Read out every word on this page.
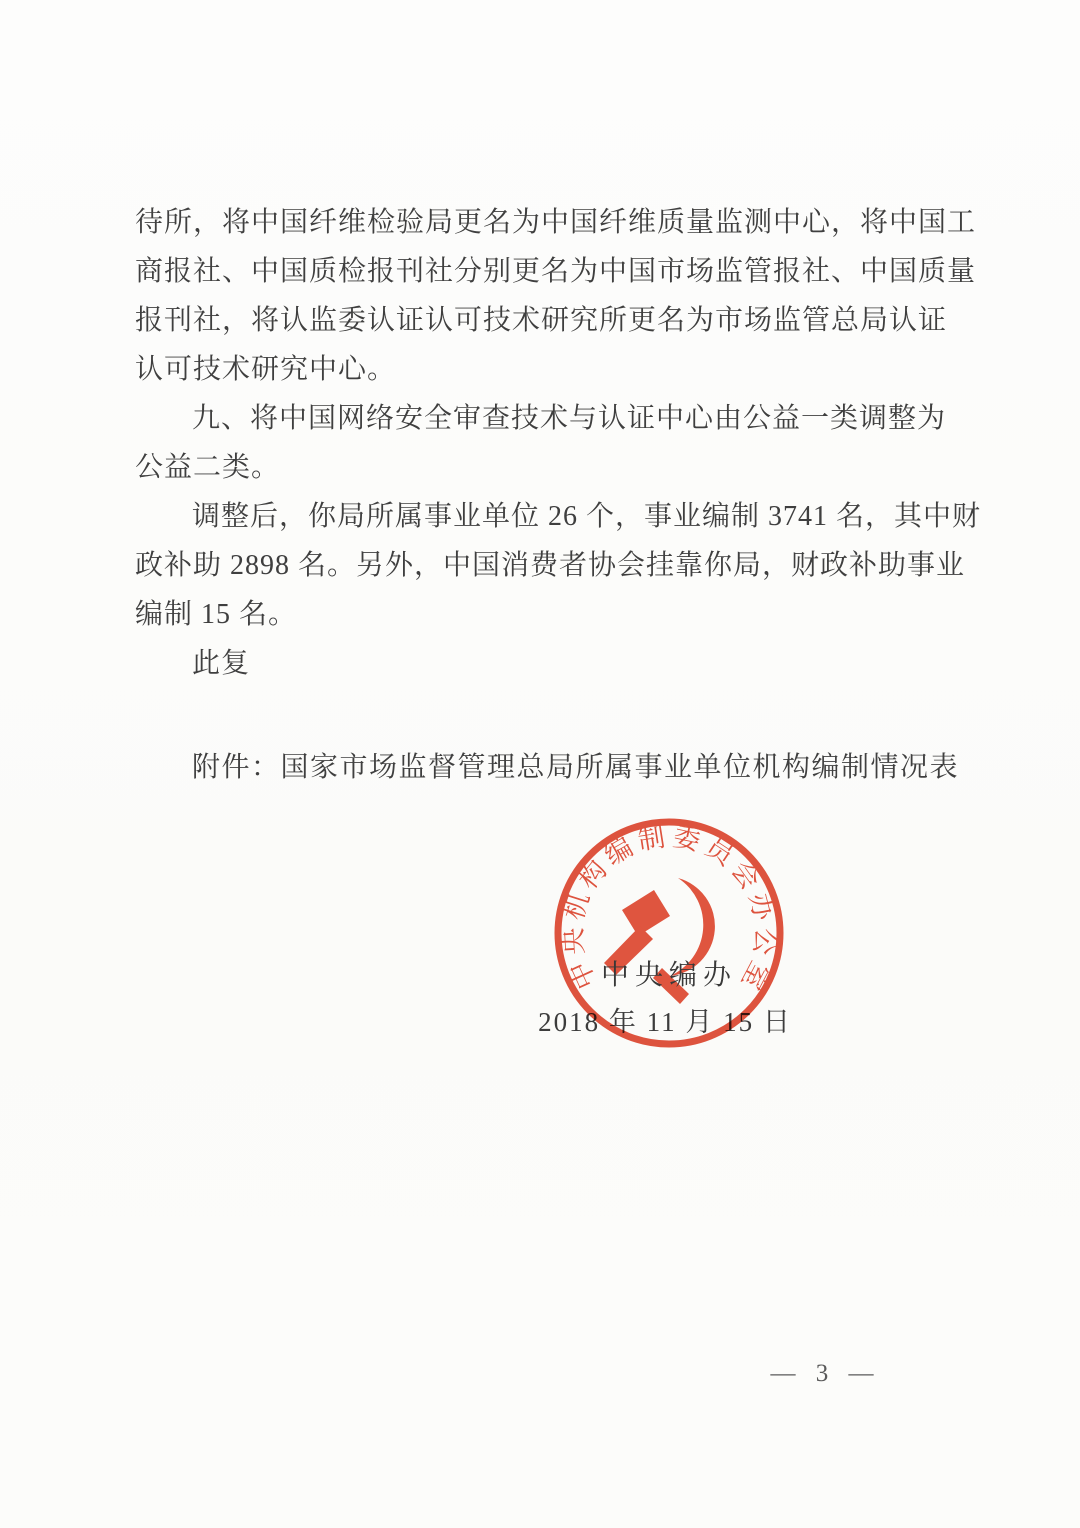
待所，将中国纤维检验局更名为中国纤维质量监测中心，将中国工
商报社、中国质检报刊社分别更名为中国市场监管报社、中国质量
报刊社，将认监委认证认可技术研究所更名为市场监管总局认证
认可技术研究中心。
九、将中国网络安全审查技术与认证中心由公益一类调整为
公益二类。
调整后，你局所属事业单位 26 个，事业编制 3741 名，其中财
政补助 2898 名。另外，中国消费者协会挂靠你局，财政补助事业
编制 15 名。
此复
附件：国家市场监督管理总局所属事业单位机构编制情况表
中央机构编制委员会办公室
中央编办
2018 年 11 月 15 日
— 3 —
